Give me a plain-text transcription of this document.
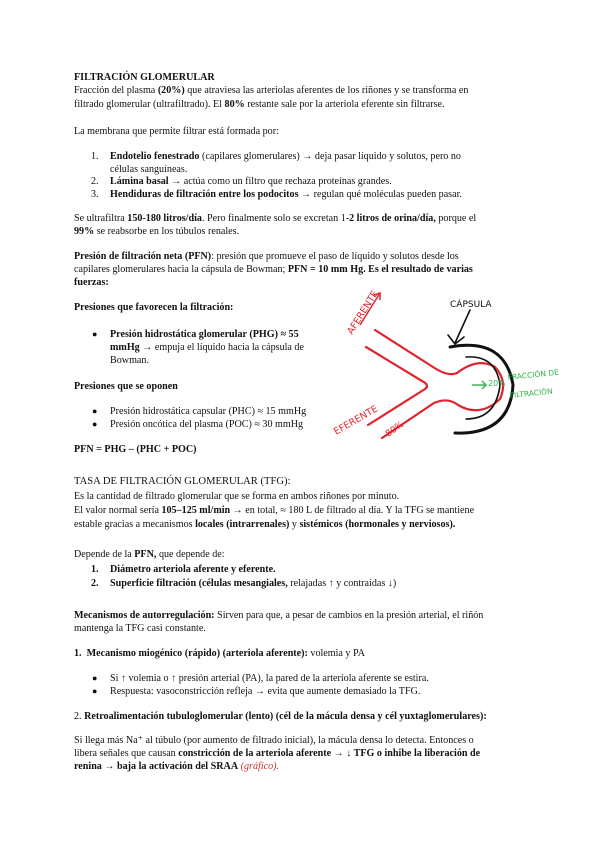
FILTRACIÓN GLOMERULAR
Fracción del plasma (20%) que atraviesa las arteriolas aferentes de los riñones y se transforma en
filtrado glomerular (ultrafiltrado). El 80% restante sale por la arteriola eferente sin filtrarse.
La membrana que permite filtrar está formada por:
1. Endotelio fenestrado (capilares glomerulares) → deja pasar líquido y solutos, pero no
células sanguíneas.
2. Lámina basal → actúa como un filtro que rechaza proteínas grandes.
3. Hendiduras de filtración entre los podocitos → regulan qué moléculas pueden pasar.
Se ultrafiltra 150-180 litros/día. Pero finalmente solo se excretan 1-2 litros de orina/día, porque el
99% se reabsorbe en los túbulos renales.
Presión de filtración neta (PFN): presión que promueve el paso de líquido y solutos desde los
capilares glomerulares hacia la cápsula de Bowman; PFN = 10 mm Hg. Es el resultado de varias
fuerzas:
Presiones que favorecen la filtración:
● Presión hidrostática glomerular (PHG) ≈ 55
mmHg → empuja el líquido hacia la cápsula de
Bowman.
Presiones que se oponen
● Presión hidrostática capsular (PHC) ≈ 15 mmHg
● Presión oncótica del plasma (POC) ≈ 30 mmHg
PFN = PHG – (PHC + POC)
CÁPSULA
AFERENTE
EFERENTE 80%
20%
FRACCIÓN DE
FILTRACIÓN
TASA DE FILTRACIÓN GLOMERULAR (TFG):
Es la cantidad de filtrado glomerular que se forma en ambos riñones por minuto.
El valor normal sería 105–125 ml/min → en total, ≈ 180 L de filtrado al día. Y la TFG se mantiene
estable gracias a mecanismos locales (intrarrenales) y sistémicos (hormonales y nerviosos).
Depende de la PFN, que depende de:
1. Diámetro arteriola aferente y eferente.
2. Superficie filtración (células mesangiales, relajadas ↑ y contraídas ↓)
Mecanismos de autorregulación: Sirven para que, a pesar de cambios en la presión arterial, el riñón
mantenga la TFG casi constante.
1. Mecanismo miogénico (rápido) (arteriola aferente): volemia y PA
● Si ↑ volemia o ↑ presión arterial (PA), la pared de la arteriola aferente se estira.
● Respuesta: vasoconstricción refleja → evita que aumente demasiado la TFG.
2. Retroalimentación tubuloglomerular (lento) (cél de la mácula densa y cél yuxtaglomerulares):
Si llega más Na⁺ al túbulo (por aumento de filtrado inicial), la mácula densa lo detecta. Entonces o
libera señales que causan constricción de la arteriola aferente → ↓ TFG o inhibe la liberación de
renina → baja la activación del SRAA (gráfico).
